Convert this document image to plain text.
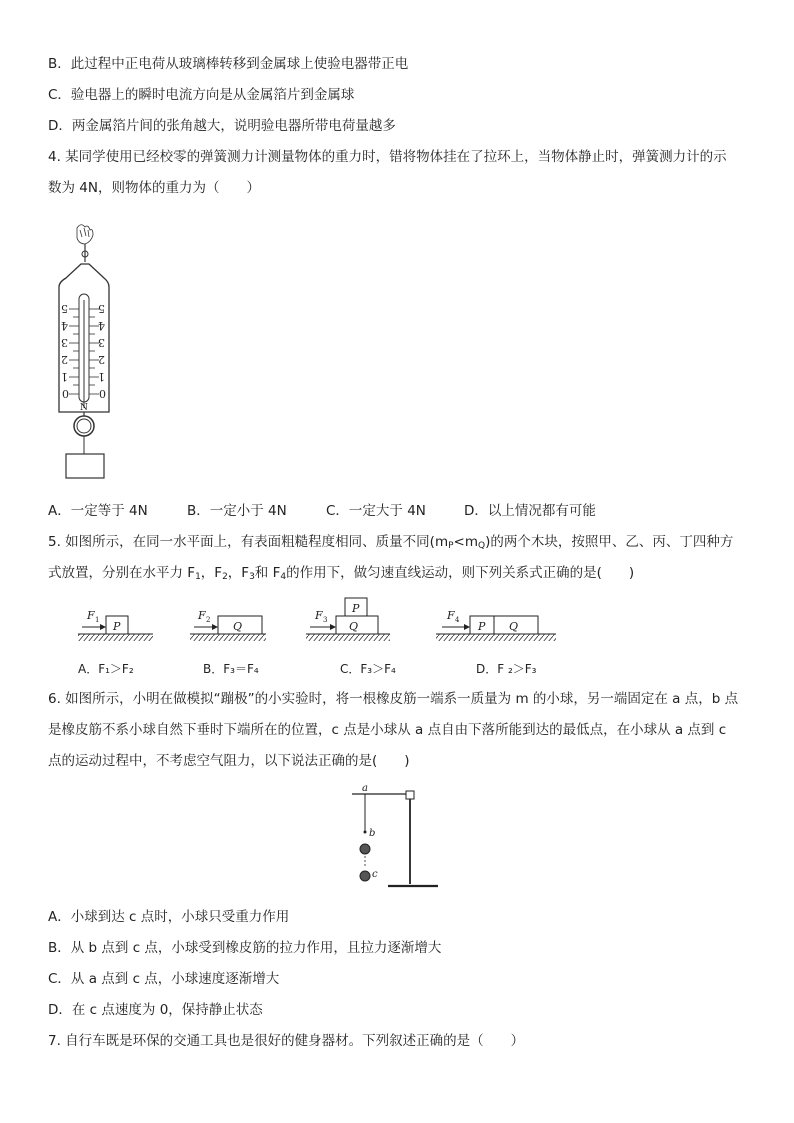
B．此过程中正电荷从玻璃棒转移到金属球上使验电器带正电
C．验电器上的瞬时电流方向是从金属箔片到金属球
D．两金属箔片间的张角越大，说明验电器所带电荷量越多
4. 某同学使用已经校零的弹簧测力计测量物体的重力时，错将物体挂在了拉环上，当物体静止时，弹簧测力计的示
数为 4N，则物体的重力为（　　）
5
4
3
2
1
0
5
4
3
2
1
0
N
A．一定等于 4N	B．一定小于 4N	C．一定大于 4N	D．以上情况都有可能
5. 如图所示，在同一水平面上，有表面粗糙程度相同、质量不同$(m_P<m_Q)$的两个木块，按照甲、乙、丙、丁四种方
式放置，分别在水平力 $F_1$，$F_2$，$F_3$和 $F_4$的作用下，做匀速直线运动，则下列关系式正确的是(　　)
P
F 1	Q
F 2	Q
P
F 3	P Q
F 4
A．F₁＞F₂	B．F₃＝F₄	C．F₃＞F₄	D．F ₂＞F₃
6. 如图所示，小明在做模拟“蹦极”的小实验时，将一根橡皮筋一端系一质量为 m 的小球，另一端固定在 a 点，b 点
是橡皮筋不系小球自然下垂时下端所在的位置，c 点是小球从 a 点自由下落所能到达的最低点，在小球从 a 点到 c
点的运动过程中，不考虑空气阻力，以下说法正确的是(　　)
a
b
c
A．小球到达 c 点时，小球只受重力作用
B．从 b 点到 c 点，小球受到橡皮筋的拉力作用，且拉力逐渐增大
C．从 a 点到 c 点，小球速度逐渐增大
D．在 c 点速度为 0，保持静止状态
7. 自行车既是环保的交通工具也是很好的健身器材。下列叙述正确的是（　　）
